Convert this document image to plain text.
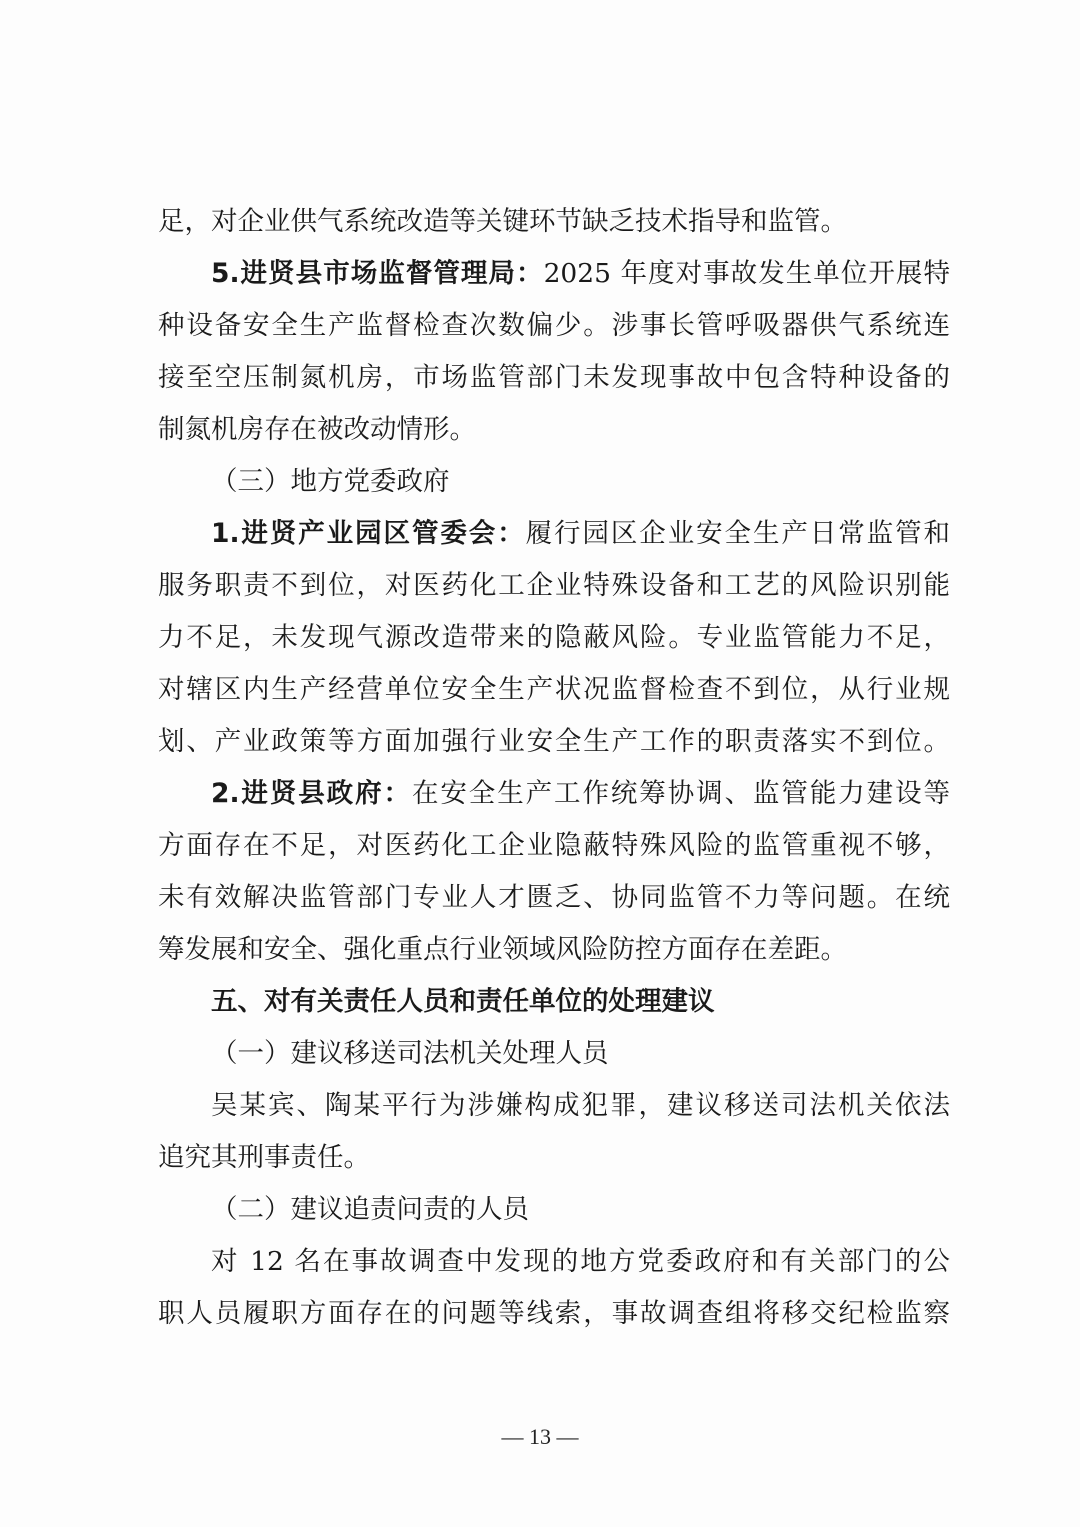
足，对企业供气系统改造等关键环节缺乏技术指导和监管。
5.进贤县市场监督管理局：2025 年度对事故发生单位开展特
种设备安全生产监督检查次数偏少。涉事长管呼吸器供气系统连
接至空压制氮机房，市场监管部门未发现事故中包含特种设备的
制氮机房存在被改动情形。
（三）地方党委政府
1.进贤产业园区管委会：履行园区企业安全生产日常监管和
服务职责不到位，对医药化工企业特殊设备和工艺的风险识别能
力不足，未发现气源改造带来的隐蔽风险。专业监管能力不足，
对辖区内生产经营单位安全生产状况监督检查不到位，从行业规
划、产业政策等方面加强行业安全生产工作的职责落实不到位。
2.进贤县政府：在安全生产工作统筹协调、监管能力建设等
方面存在不足，对医药化工企业隐蔽特殊风险的监管重视不够，
未有效解决监管部门专业人才匮乏、协同监管不力等问题。在统
筹发展和安全、强化重点行业领域风险防控方面存在差距。
五、对有关责任人员和责任单位的处理建议
（一）建议移送司法机关处理人员
吴某宾、陶某平行为涉嫌构成犯罪，建议移送司法机关依法
追究其刑事责任。
（二）建议追责问责的人员
对 12 名在事故调查中发现的地方党委政府和有关部门的公
职人员履职方面存在的问题等线索，事故调查组将移交纪检监察
— 13 —
